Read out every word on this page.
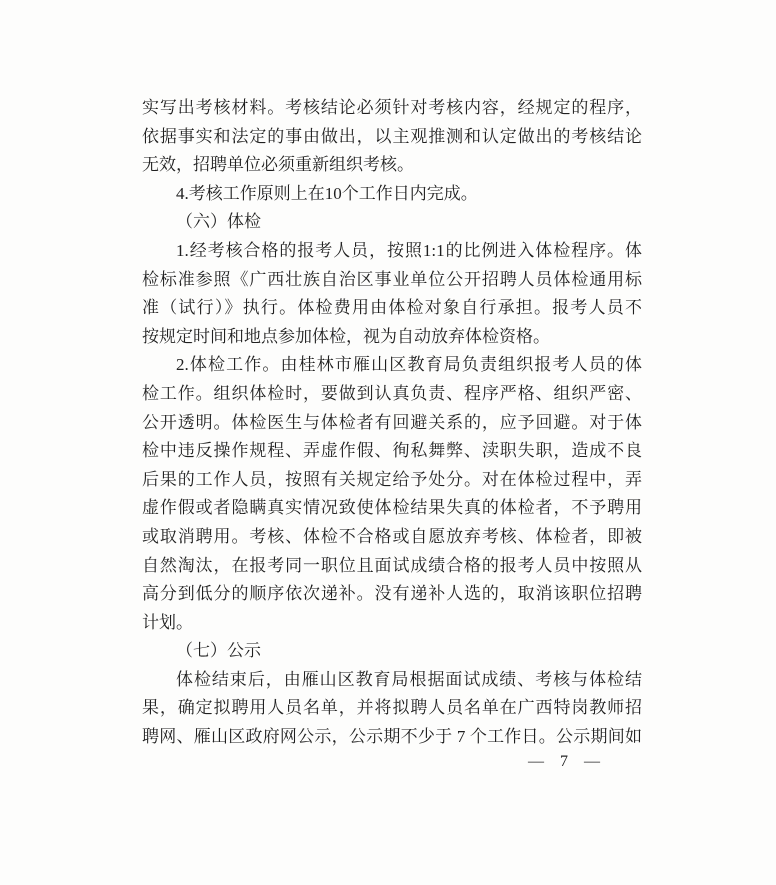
实写出考核材料。考核结论必须针对考核内容，经规定的程序，
依据事实和法定的事由做出，以主观推测和认定做出的考核结论
无效，招聘单位必须重新组织考核。
4.考核工作原则上在10个工作日内完成。
（六）体检
1.经考核合格的报考人员，按照1:1的比例进入体检程序。体
检标准参照《广西壮族自治区事业单位公开招聘人员体检通用标
准（试行）》执行。体检费用由体检对象自行承担。报考人员不
按规定时间和地点参加体检，视为自动放弃体检资格。
2.体检工作。由桂林市雁山区教育局负责组织报考人员的体
检工作。组织体检时，要做到认真负责、程序严格、组织严密、
公开透明。体检医生与体检者有回避关系的，应予回避。对于体
检中违反操作规程、弄虚作假、徇私舞弊、渎职失职，造成不良
后果的工作人员，按照有关规定给予处分。对在体检过程中，弄
虚作假或者隐瞒真实情况致使体检结果失真的体检者，不予聘用
或取消聘用。考核、体检不合格或自愿放弃考核、体检者，即被
自然淘汰，在报考同一职位且面试成绩合格的报考人员中按照从
高分到低分的顺序依次递补。没有递补人选的，取消该职位招聘
计划。
（七）公示
体检结束后，由雁山区教育局根据面试成绩、考核与体检结
果，确定拟聘用人员名单，并将拟聘人员名单在广西特岗教师招
聘网、雁山区政府网公示，公示期不少于 7 个工作日。公示期间如
— 7 —
